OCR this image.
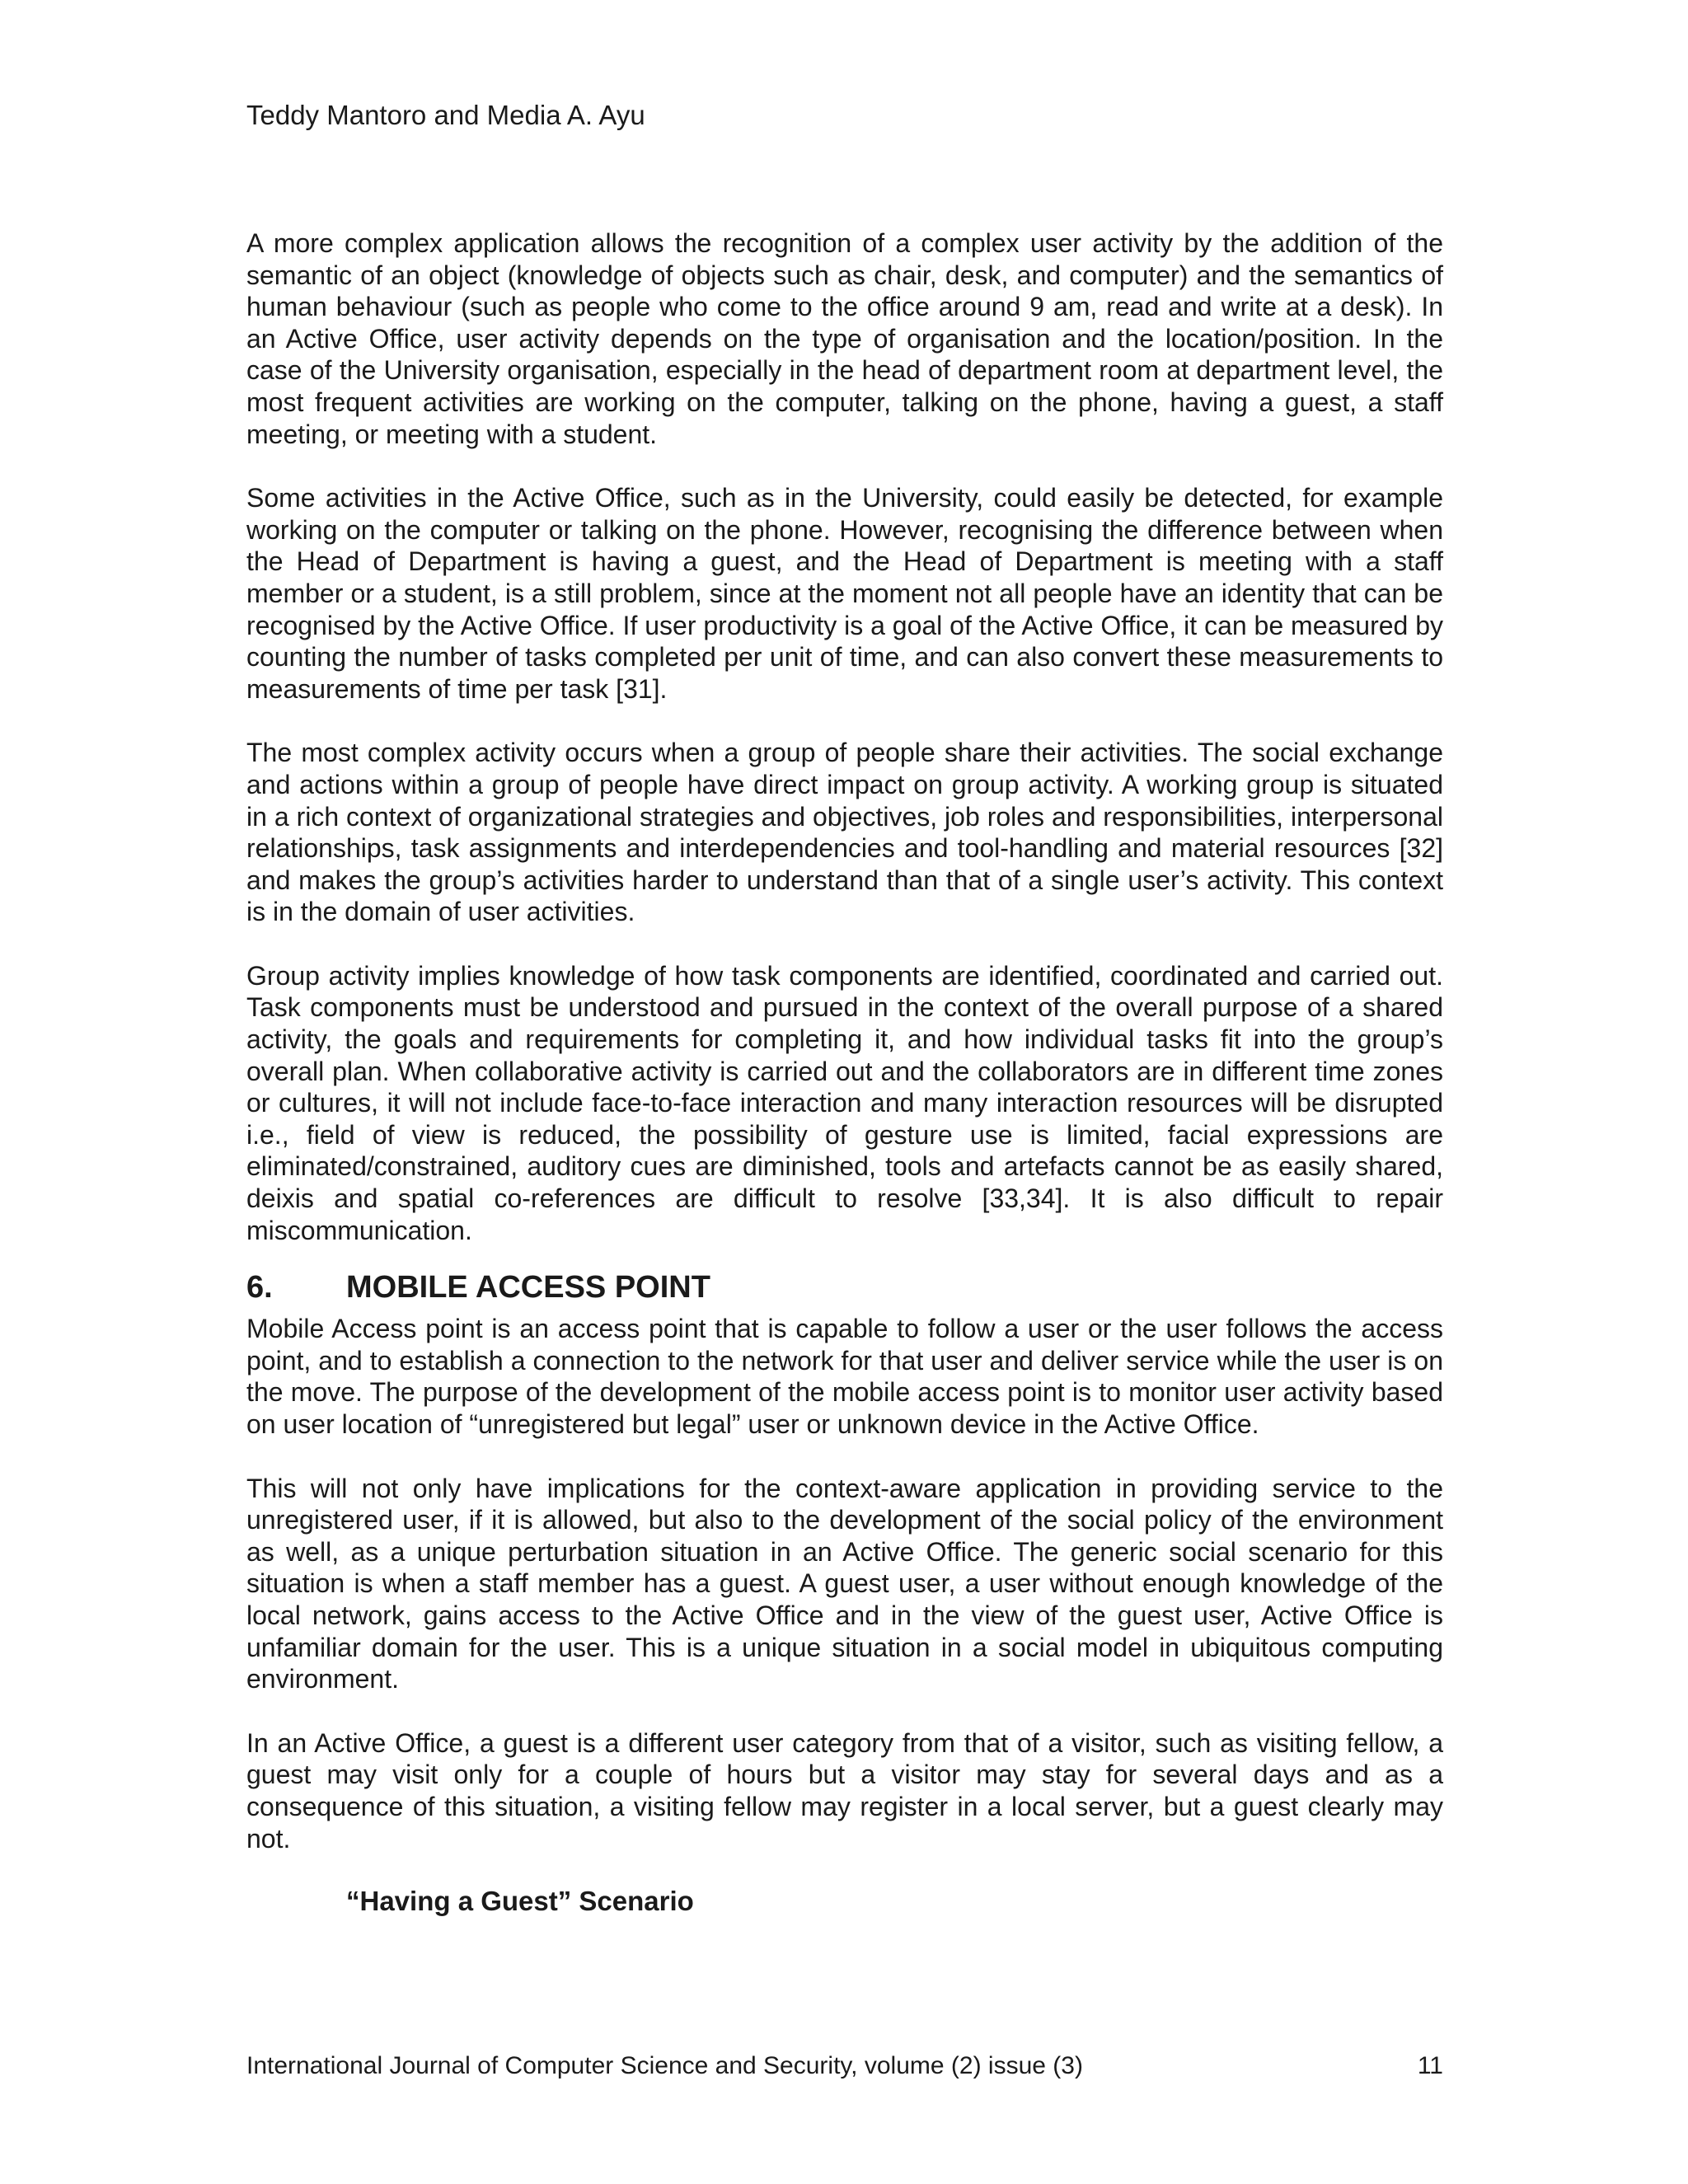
Teddy Mantoro and Media A. Ayu

A more complex application allows the recognition of a complex user activity by the addition of the semantic of an object (knowledge of objects such as chair, desk, and computer) and the semantics of human behaviour (such as people who come to the office around 9 am, read and write at a desk). In an Active Office, user activity depends on the type of organisation and the location/position. In the case of the University organisation, especially in the head of department room at department level, the most frequent activities are working on the computer, talking on the phone, having a guest, a staff meeting, or meeting with a student.

Some activities in the Active Office, such as in the University, could easily be detected, for example working on the computer or talking on the phone. However, recognising the difference between when the Head of Department is having a guest, and the Head of Department is meeting with a staff member or a student, is a still problem, since at the moment not all people have an identity that can be recognised by the Active Office. If user productivity is a goal of the Active Office, it can be measured by counting the number of tasks completed per unit of time, and can also convert these measurements to measurements of time per task [31].

The most complex activity occurs when a group of people share their activities. The social exchange and actions within a group of people have direct impact on group activity. A working group is situated in a rich context of organizational strategies and objectives, job roles and responsibilities, interpersonal relationships, task assignments and interdependencies and tool-handling and material resources [32] and makes the group’s activities harder to understand than that of a single user’s activity. This context is in the domain of user activities.

Group activity implies knowledge of how task components are identified, coordinated and carried out. Task components must be understood and pursued in the context of the overall purpose of a shared activity, the goals and requirements for completing it, and how individual tasks fit into the group’s overall plan. When collaborative activity is carried out and the collaborators are in different time zones or cultures, it will not include face-to-face interaction and many interaction resources will be disrupted i.e., field of view is reduced, the possibility of gesture use is limited, facial expressions are eliminated/constrained, auditory cues are diminished, tools and artefacts cannot be as easily shared, deixis and spatial co-references are difficult to resolve [33,34]. It is also difficult to repair miscommunication.

6. MOBILE ACCESS POINT

Mobile Access point is an access point that is capable to follow a user or the user follows the access point, and to establish a connection to the network for that user and deliver service while the user is on the move. The purpose of the development of the mobile access point is to monitor user activity based on user location of “unregistered but legal” user or unknown device in the Active Office.

This will not only have implications for the context-aware application in providing service to the unregistered user, if it is allowed, but also to the development of the social policy of the environment as well, as a unique perturbation situation in an Active Office. The generic social scenario for this situation is when a staff member has a guest. A guest user, a user without enough knowledge of the local network, gains access to the Active Office and in the view of the guest user, Active Office is unfamiliar domain for the user. This is a unique situation in a social model in ubiquitous computing environment.

In an Active Office, a guest is a different user category from that of a visitor, such as visiting fellow, a guest may visit only for a couple of hours but a visitor may stay for several days and as a consequence of this situation, a visiting fellow may register in a local server, but a guest clearly may not.

“Having a Guest” Scenario
International Journal of Computer Science and Security, volume (2) issue (3)	11
